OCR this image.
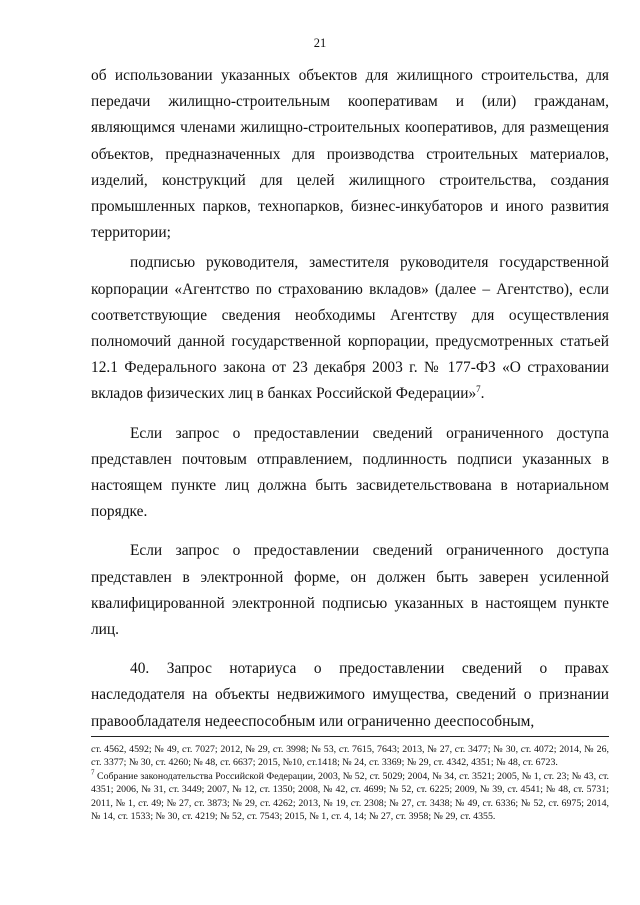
21

об использовании указанных объектов для жилищного строительства, для передачи жилищно-строительным кооперативам и (или) гражданам, являющимся членами жилищно-строительных кооперативов, для размещения объектов, предназначенных для производства строительных материалов, изделий, конструкций для целей жилищного строительства, создания промышленных парков, технопарков, бизнес-инкубаторов и иного развития территории;

подписью руководителя, заместителя руководителя государственной корпорации «Агентство по страхованию вкладов» (далее – Агентство), если соответствующие сведения необходимы Агентству для осуществления полномочий данной государственной корпорации, предусмотренных статьей 12.1 Федерального закона от 23 декабря 2003 г. № 177-ФЗ «О страховании вкладов физических лиц в банках Российской Федерации»$^7$.

Если запрос о предоставлении сведений ограниченного доступа представлен почтовым отправлением, подлинность подписи указанных в настоящем пункте лиц должна быть засвидетельствована в нотариальном порядке.

Если запрос о предоставлении сведений ограниченного доступа представлен в электронной форме, он должен быть заверен усиленной квалифицированной электронной подписью указанных в настоящем пункте лиц.

40. Запрос нотариуса о предоставлении сведений о правах наследодателя на объекты недвижимого имущества, сведений о признании правообладателя недееспособным или ограниченно дееспособным,

ст. 4562, 4592; № 49, ст. 7027; 2012, № 29, ст. 3998; № 53, ст. 7615, 7643; 2013, № 27, ст. 3477; № 30, ст. 4072; 2014, № 26, ст. 3377; № 30, ст. 4260; № 48, ст. 6637; 2015, №10, ст.1418; № 24, ст. 3369; № 29, ст. 4342, 4351; № 48, ст. 6723.

$^7$ Собрание законодательства Российской Федерации, 2003, № 52, ст. 5029; 2004, № 34, ст. 3521; 2005, № 1, ст. 23; № 43, ст. 4351; 2006, № 31, ст. 3449; 2007, № 12, ст. 1350; 2008, № 42, ст. 4699; № 52, ст. 6225; 2009, № 39, ст. 4541; № 48, ст. 5731; 2011, № 1, ст. 49; № 27, ст. 3873; № 29, ст. 4262; 2013, № 19, ст. 2308; № 27, ст. 3438; № 49, ст. 6336; № 52, ст. 6975; 2014, № 14, ст. 1533; № 30, ст. 4219; № 52, ст. 7543; 2015, № 1, ст. 4, 14; № 27, ст. 3958; № 29, ст. 4355.
